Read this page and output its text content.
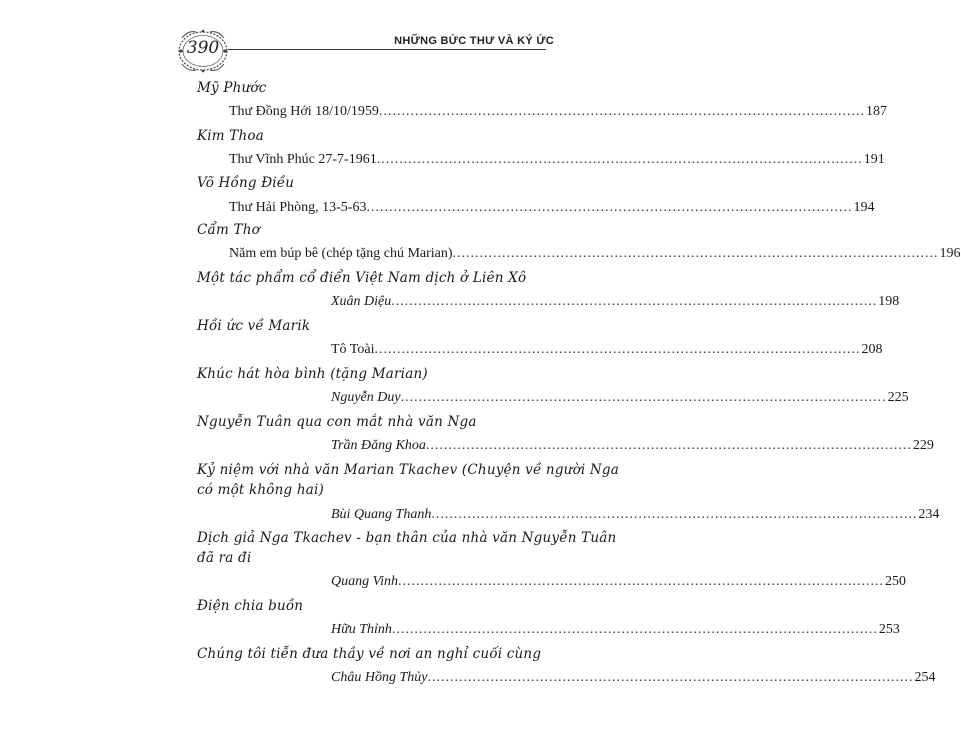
390	NHỮNG BỨC THƯ VÀ KÝ ỨC
Mỹ Phước
Thư Đồng Hới 18/10/1959 ............................................................................................................ 187
Kim Thoa
Thư Vĩnh Phúc 27-7-1961 ............................................................................................................ 191
Võ Hồng Điều
Thư Hải Phòng, 13-5-63 ............................................................................................................ 194
Cẩm Thơ
Năm em búp bê (chép tặng chú Marian) ............................................................................................................ 196
Một tác phẩm cổ điển Việt Nam dịch ở Liên Xô
Xuân Diệu ............................................................................................................ 198
Hồi ức về Marik
Tô Toài ............................................................................................................ 208
Khúc hát hòa bình (tặng Marian)
Nguyễn Duy ............................................................................................................ 225
Nguyễn Tuân qua con mắt nhà văn Nga
Trần Đăng Khoa ............................................................................................................ 229
Kỷ niệm với nhà văn Marian Tkachev (Chuyện về người Nga
có một không hai)
Bùi Quang Thanh ............................................................................................................ 234
Dịch giả Nga Tkachev - bạn thân của nhà văn Nguyễn Tuân
đã ra đi
Quang Vinh ............................................................................................................ 250
Điện chia buồn
Hữu Thỉnh ............................................................................................................ 253
Chúng tôi tiễn đưa thầy về nơi an nghỉ cuối cùng
Châu Hồng Thủy ............................................................................................................ 254
